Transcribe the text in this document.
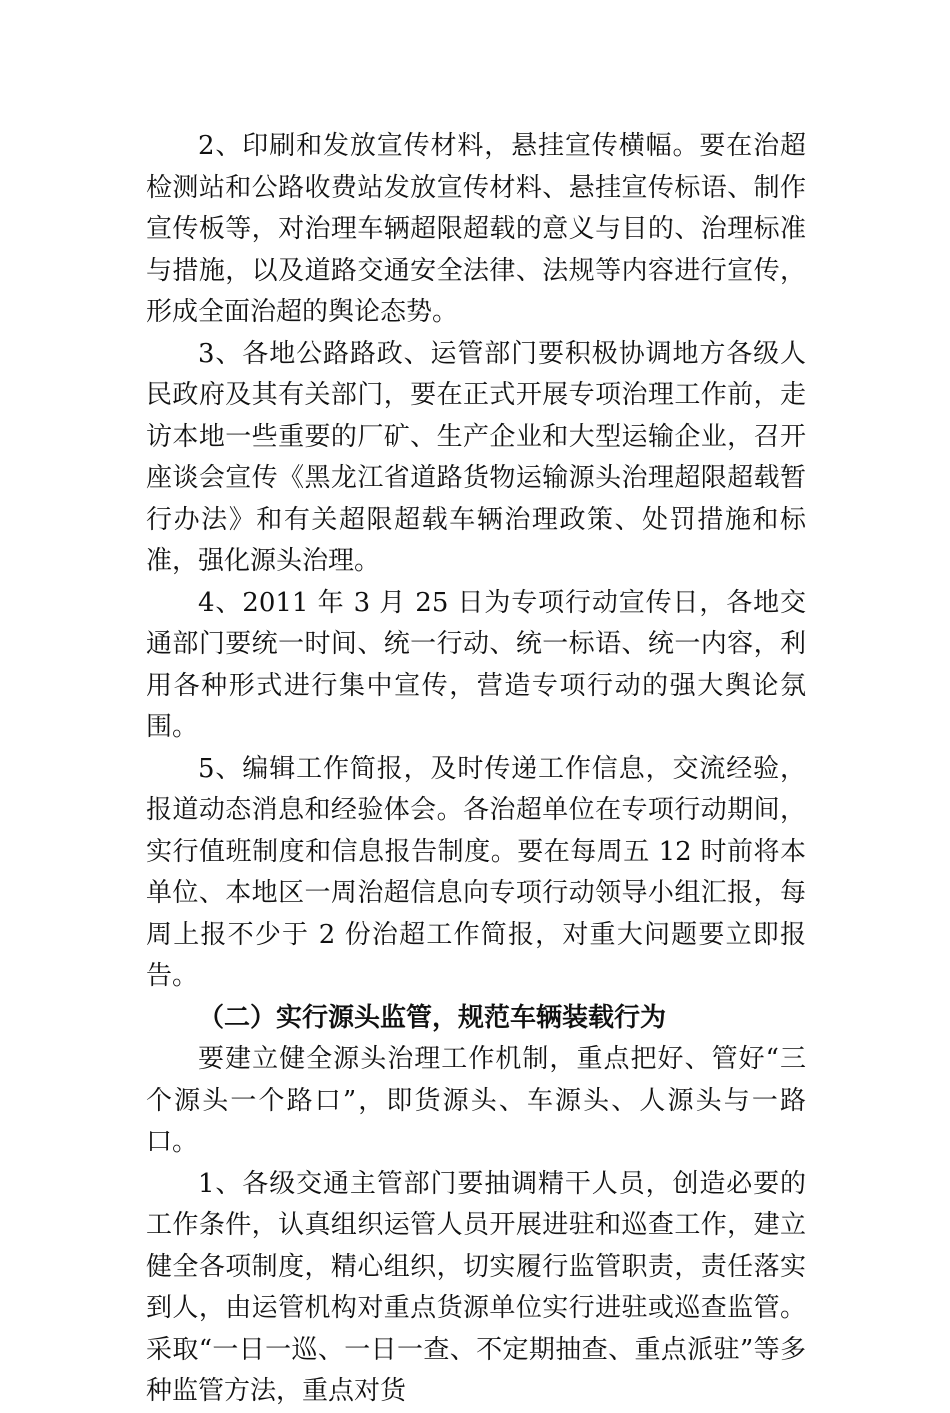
2、印刷和发放宣传材料，悬挂宣传横幅。要在治超检测站和公路收费站发放宣传材料、悬挂宣传标语、制作宣传板等，对治理车辆超限超载的意义与目的、治理标准与措施，以及道路交通安全法律、法规等内容进行宣传，形成全面治超的舆论态势。

3、各地公路路政、运管部门要积极协调地方各级人民政府及其有关部门，要在正式开展专项治理工作前，走访本地一些重要的厂矿、生产企业和大型运输企业，召开座谈会宣传《黑龙江省道路货物运输源头治理超限超载暂行办法》和有关超限超载车辆治理政策、处罚措施和标准，强化源头治理。

4、2011 年 3 月 25 日为专项行动宣传日，各地交通部门要统一时间、统一行动、统一标语、统一内容，利用各种形式进行集中宣传，营造专项行动的强大舆论氛围。

5、编辑工作简报，及时传递工作信息，交流经验，报道动态消息和经验体会。各治超单位在专项行动期间，实行值班制度和信息报告制度。要在每周五 12 时前将本单位、本地区一周治超信息向专项行动领导小组汇报，每周上报不少于 2 份治超工作简报，对重大问题要立即报告。

（二）实行源头监管，规范车辆装载行为

要建立健全源头治理工作机制，重点把好、管好“三个源头一个路口”，即货源头、车源头、人源头与一路口。

1、各级交通主管部门要抽调精干人员，创造必要的工作条件，认真组织运管人员开展进驻和巡查工作，建立健全各项制度，精心组织，切实履行监管职责，责任落实到人，由运管机构对重点货源单位实行进驻或巡查监管。采取“一日一巡、一日一查、不定期抽查、重点派驻”等多种监管方法，重点对货
